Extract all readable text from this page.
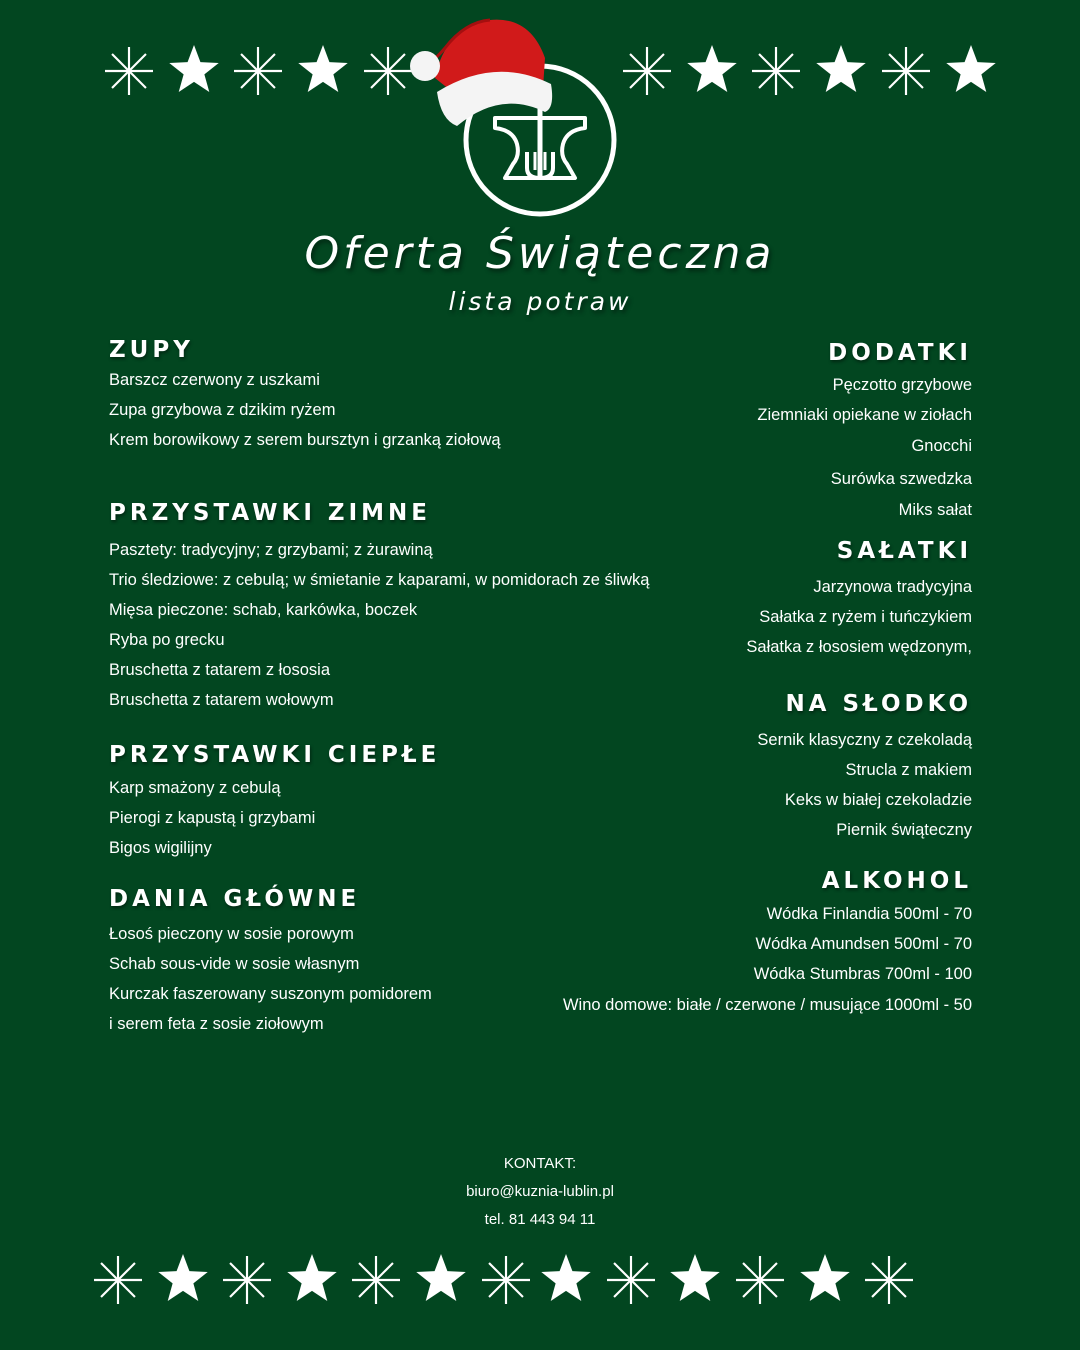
Oferta Świąteczna
lista potraw
ZUPY
Barszcz czerwony z uszkami
Zupa grzybowa z dzikim ryżem
Krem borowikowy z serem bursztyn i grzanką ziołową
PRZYSTAWKI ZIMNE
Pasztety: tradycyjny; z grzybami; z żurawiną
Trio śledziowe: z cebulą; w śmietanie z kaparami, w pomidorach ze śliwką
Mięsa pieczone: schab, karkówka, boczek
Ryba po grecku
Bruschetta z tatarem z łososia
Bruschetta z tatarem wołowym
PRZYSTAWKI CIEPŁE
Karp smażony z cebulą
Pierogi z kapustą i grzybami
Bigos wigilijny
DANIA GŁÓWNE
Łosoś pieczony w sosie porowym
Schab sous-vide w sosie własnym
Kurczak faszerowany suszonym pomidorem
i serem feta z sosie ziołowym
DODATKI
Pęczotto grzybowe
Ziemniaki opiekane w ziołach
Gnocchi
Surówka szwedzka
Miks sałat
SAŁATKI
Jarzynowa tradycyjna
Sałatka z ryżem i tuńczykiem
Sałatka z łososiem wędzonym,
NA SŁODKO
Sernik klasyczny z czekoladą
Strucla z makiem
Keks w białej czekoladzie
Piernik świąteczny
ALKOHOL
Wódka Finlandia 500ml - 70
Wódka Amundsen 500ml - 70
Wódka Stumbras 700ml - 100
Wino domowe: białe / czerwone / musujące 1000ml - 50
KONTAKT:
biuro@kuznia-lublin.pl
tel. 81 443 94 11
